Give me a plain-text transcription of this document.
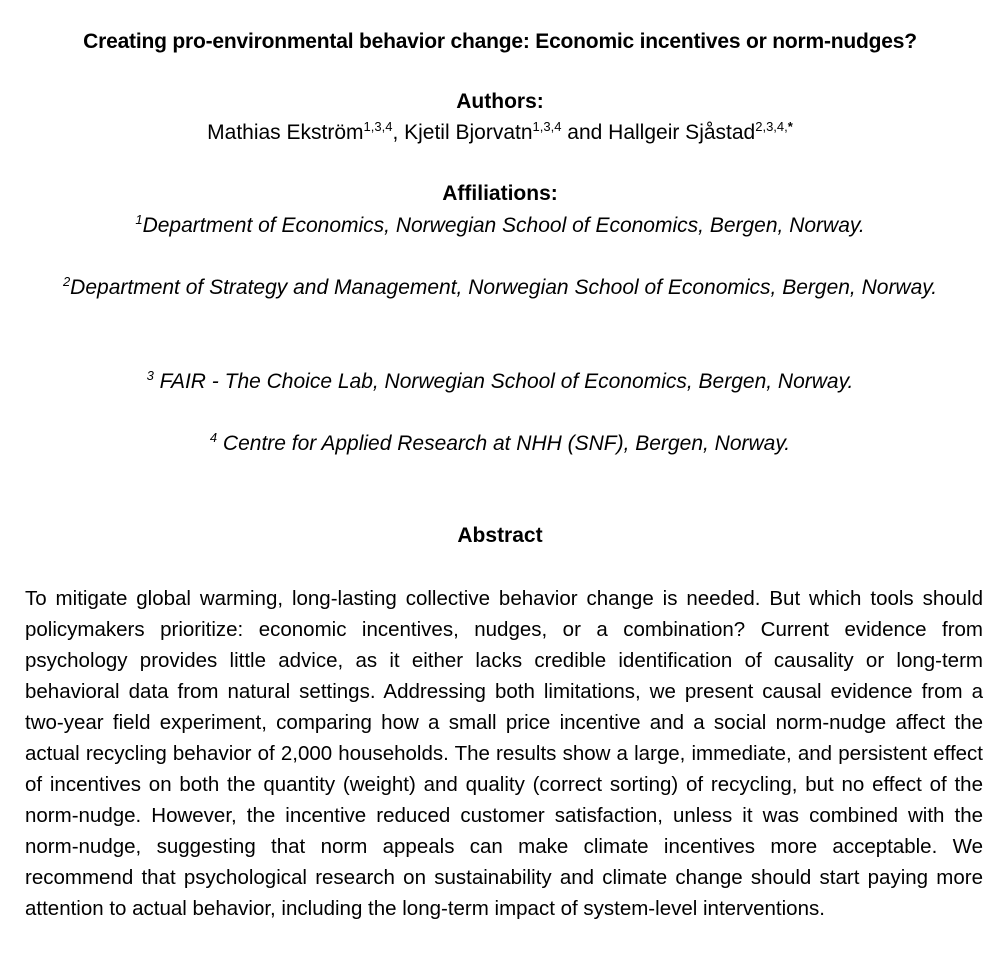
Creating pro-environmental behavior change: Economic incentives or norm-nudges?
Authors:
Mathias Ekström$^{1,3,4}$, Kjetil Bjorvatn$^{1,3,4}$ and Hallgeir Sjåstad$^{2,3,4,*}$
Affiliations:
$^1$Department of Economics, Norwegian School of Economics, Bergen, Norway.
$^2$Department of Strategy and Management, Norwegian School of Economics, Bergen, Norway.
$^3$ FAIR - The Choice Lab, Norwegian School of Economics, Bergen, Norway.
$^4$ Centre for Applied Research at NHH (SNF), Bergen, Norway.
Abstract
To mitigate global warming, long-lasting collective behavior change is needed. But which tools should policymakers prioritize: economic incentives, nudges, or a combination? Current evidence from psychology provides little advice, as it either lacks credible identification of causality or long-term behavioral data from natural settings. Addressing both limitations, we present causal evidence from a two-year field experiment, comparing how a small price incentive and a social norm-nudge affect the actual recycling behavior of 2,000 households. The results show a large, immediate, and persistent effect of incentives on both the quantity (weight) and quality (correct sorting) of recycling, but no effect of the norm-nudge. However, the incentive reduced customer satisfaction, unless it was combined with the norm-nudge, suggesting that norm appeals can make climate incentives more acceptable. We recommend that psychological research on sustainability and climate change should start paying more attention to actual behavior, including the long-term impact of system-level interventions.
